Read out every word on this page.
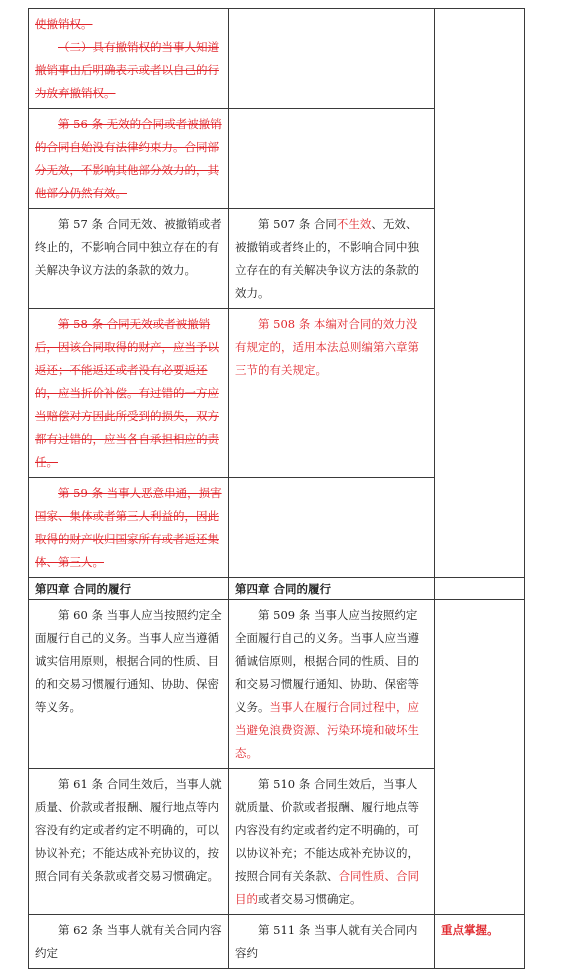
使撤销权。
（二）具有撤销权的当事人知道撤销事由后明确表示或者以自己的行为放弃撤销权。		

第 56 条 无效的合同或者被撤销的合同自始没有法律约束力。合同部分无效，不影响其他部分效力的，其他部分仍然有效。		

第 57 条 合同无效、被撤销或者终止的，不影响合同中独立存在的有关解决争议方法的条款的效力。	第 507 条 合同不生效、无效、被撤销或者终止的，不影响合同中独立存在的有关解决争议方法的条款的效力。	

第 58 条 合同无效或者被撤销后，因该合同取得的财产，应当予以返还；不能返还或者没有必要返还的，应当折价补偿。有过错的一方应当赔偿对方因此所受到的损失，双方都有过错的，应当各自承担相应的责任。	第 508 条 本编对合同的效力没有规定的，适用本法总则编第六章第三节的有关规定。	

第 59 条 当事人恶意串通，损害国家、集体或者第三人利益的，因此取得的财产收归国家所有或者返还集体、第三人。		

第四章 合同的履行	第四章 合同的履行	

第 60 条 当事人应当按照约定全面履行自己的义务。当事人应当遵循诚实信用原则，根据合同的性质、目的和交易习惯履行通知、协助、保密等义务。	第 509 条 当事人应当按照约定全面履行自己的义务。当事人应当遵循诚信原则，根据合同的性质、目的和交易习惯履行通知、协助、保密等义务。当事人在履行合同过程中，应当避免浪费资源、污染环境和破坏生态。	

第 61 条 合同生效后，当事人就质量、价款或者报酬、履行地点等内容没有约定或者约定不明确的，可以协议补充；不能达成补充协议的，按照合同有关条款或者交易习惯确定。	第 510 条 合同生效后，当事人就质量、价款或者报酬、履行地点等内容没有约定或者约定不明确的，可以协议补充；不能达成补充协议的，按照合同有关条款、合同性质、合同目的或者交易习惯确定。	

第 62 条 当事人就有关合同内容约定	第 511 条 当事人就有关合同内容约	重点掌握。
